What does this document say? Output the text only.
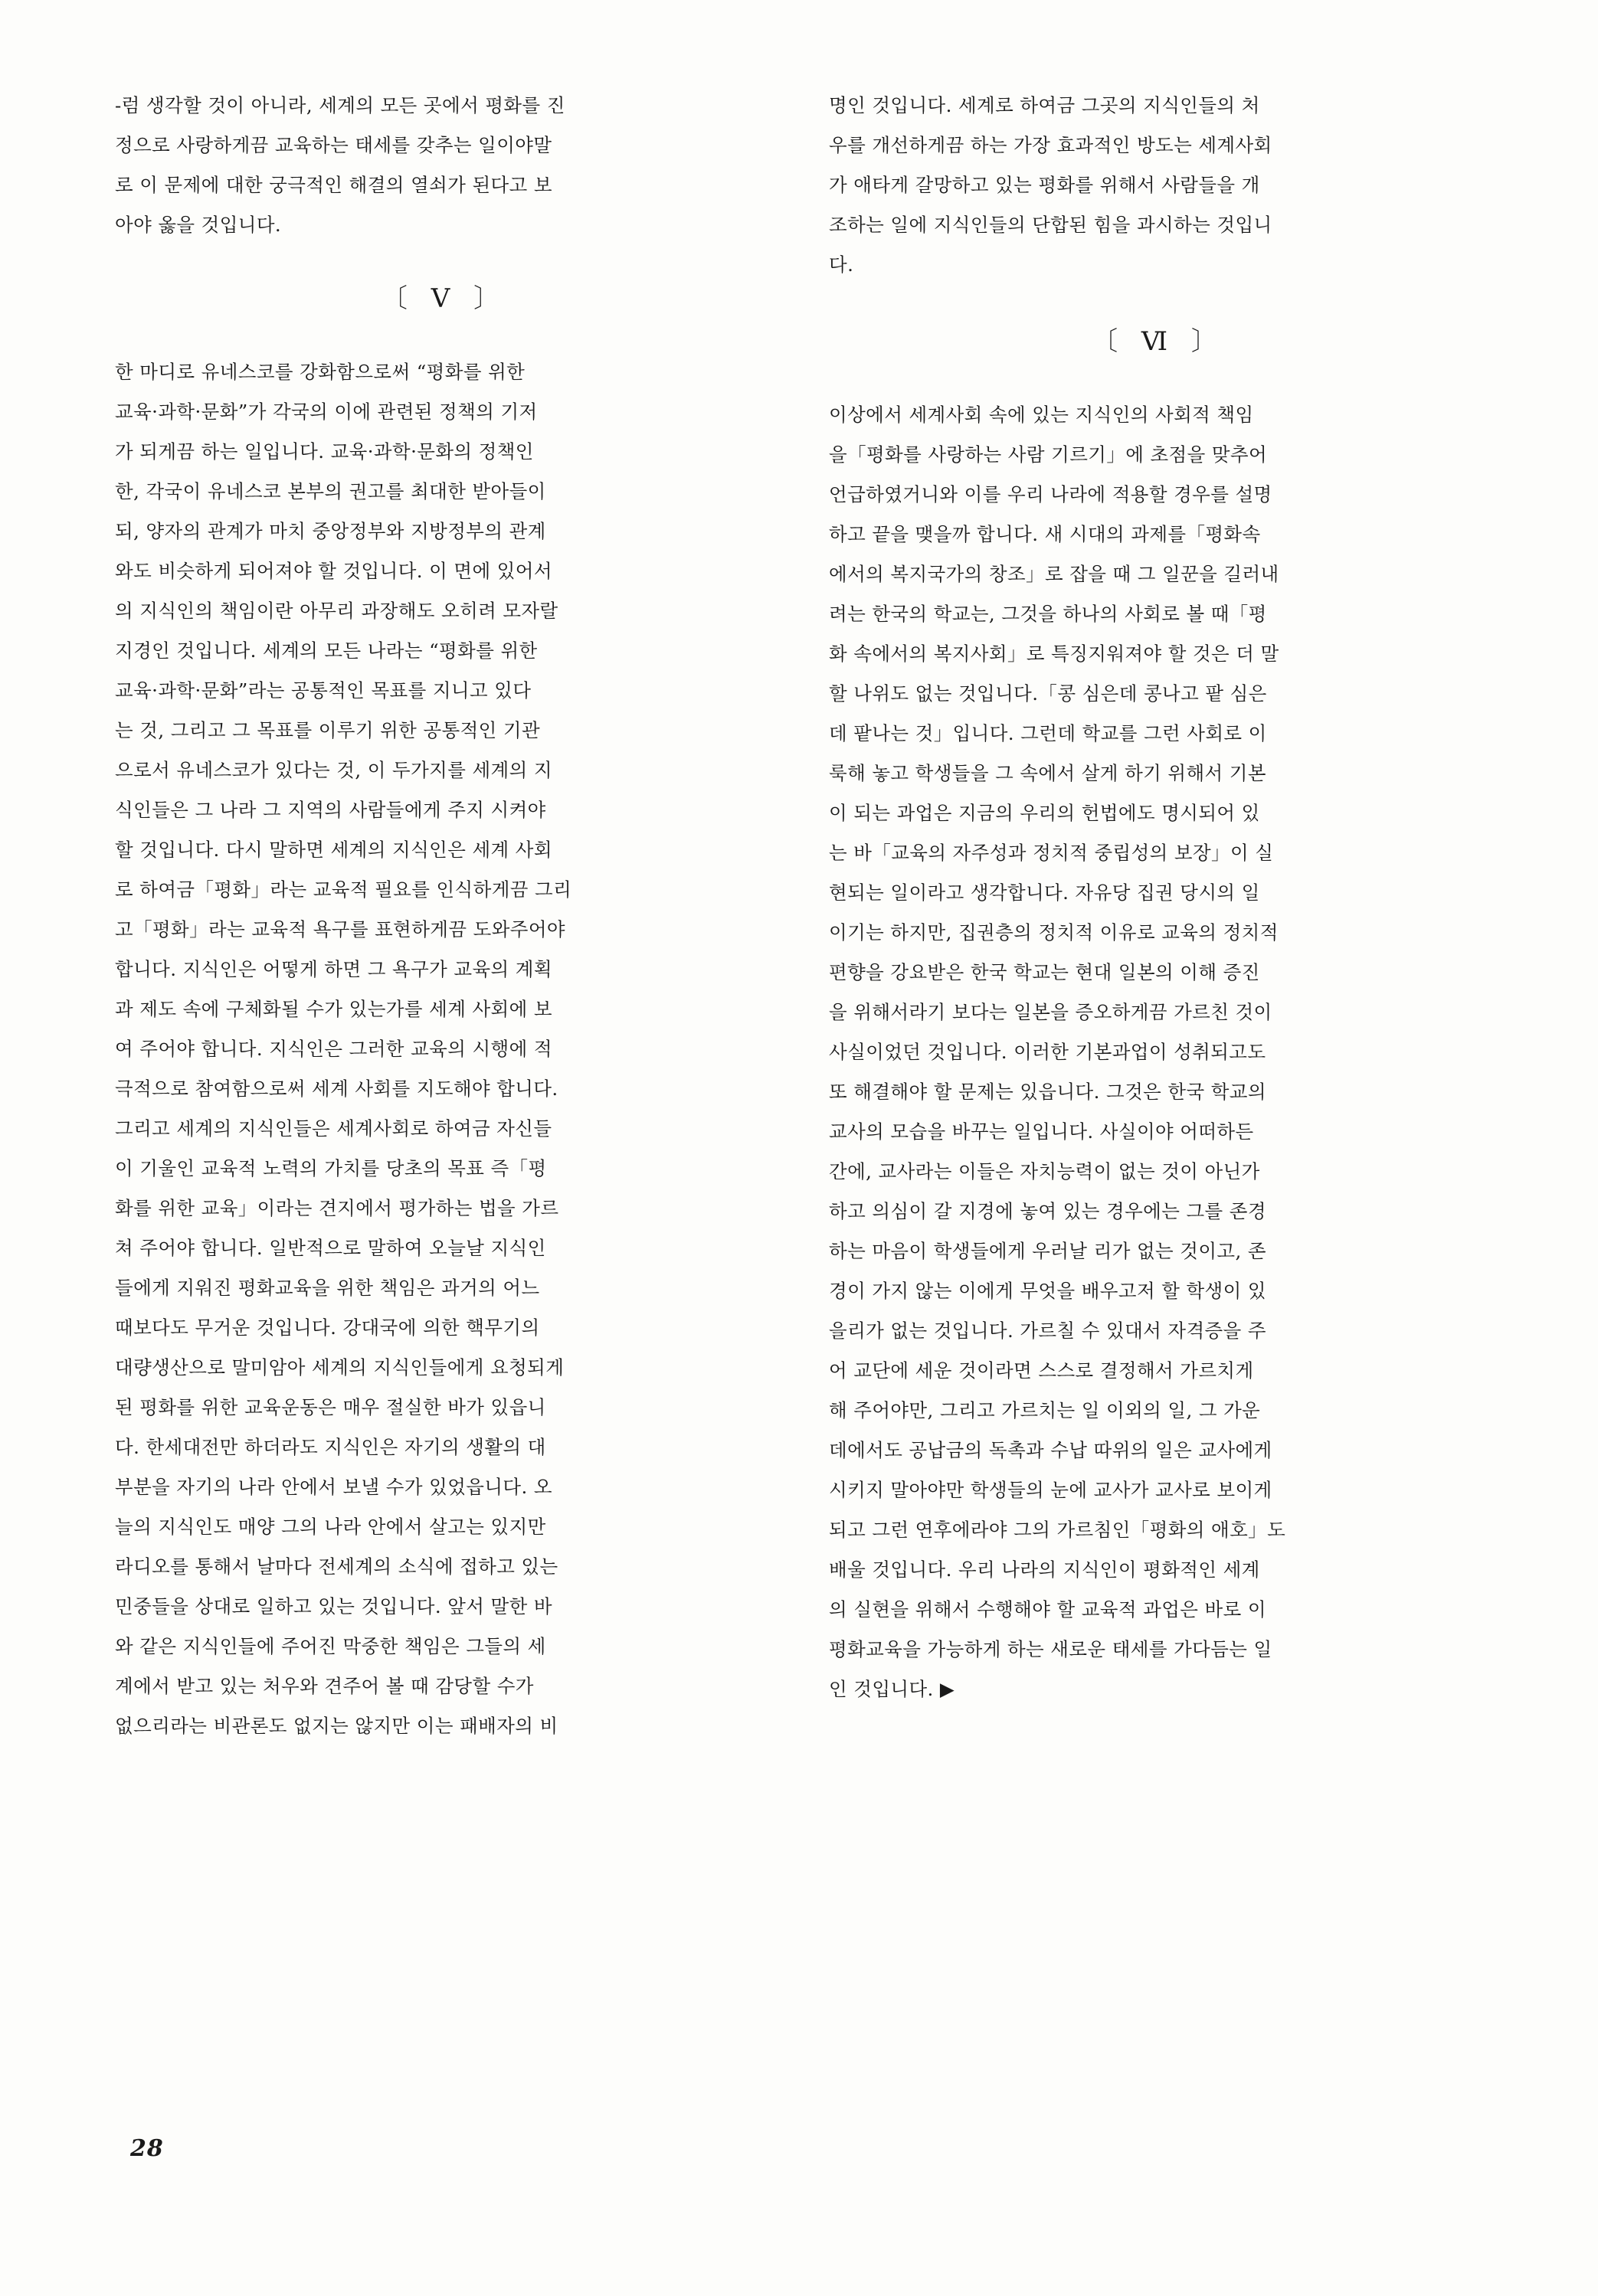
-럼 생각할 것이 아니라, 세계의 모든 곳에서 평화를 진

정으로 사랑하게끔 교육하는 태세를 갖추는 일이야말

로 이 문제에 대한 궁극적인 해결의 열쇠가 된다고 보

아야 옳을 것입니다.

〔 V 〕

한 마디로 유네스코를 강화함으로써 “평화를 위한

교육·과학·문화”가 각국의 이에 관련된 정책의 기저

가 되게끔 하는 일입니다. 교육·과학·문화의 정책인

한, 각국이 유네스코 본부의 권고를 최대한 받아들이

되, 양자의 관계가 마치 중앙정부와 지방정부의 관계

와도 비슷하게 되어져야 할 것입니다. 이 면에 있어서

의 지식인의 책임이란 아무리 과장해도 오히려 모자랄

지경인 것입니다. 세계의 모든 나라는 “평화를 위한

교육·과학·문화”라는 공통적인 목표를 지니고 있다

는 것, 그리고 그 목표를 이루기 위한 공통적인 기관

으로서 유네스코가 있다는 것, 이 두가지를 세계의 지

식인들은 그 나라 그 지역의 사람들에게 주지 시켜야

할 것입니다. 다시 말하면 세계의 지식인은 세계 사회

로 하여금「평화」라는 교육적 필요를 인식하게끔 그리

고「평화」라는 교육적 욕구를 표현하게끔 도와주어야

합니다. 지식인은 어떻게 하면 그 욕구가 교육의 계획

과 제도 속에 구체화될 수가 있는가를 세계 사회에 보

여 주어야 합니다. 지식인은 그러한 교육의 시행에 적

극적으로 참여함으로써 세계 사회를 지도해야 합니다.

그리고 세계의 지식인들은 세계사회로 하여금 자신들

이 기울인 교육적 노력의 가치를 당초의 목표 즉「평

화를 위한 교육」이라는 견지에서 평가하는 법을 가르

쳐 주어야 합니다. 일반적으로 말하여 오늘날 지식인

들에게 지워진 평화교육을 위한 책임은 과거의 어느

때보다도 무거운 것입니다. 강대국에 의한 핵무기의

대량생산으로 말미암아 세계의 지식인들에게 요청되게

된 평화를 위한 교육운동은 매우 절실한 바가 있읍니

다. 한세대전만 하더라도 지식인은 자기의 생활의 대

부분을 자기의 나라 안에서 보낼 수가 있었읍니다. 오

늘의 지식인도 매양 그의 나라 안에서 살고는 있지만

라디오를 통해서 날마다 전세계의 소식에 접하고 있는

민중들을 상대로 일하고 있는 것입니다. 앞서 말한 바

와 같은 지식인들에 주어진 막중한 책임은 그들의 세

계에서 받고 있는 처우와 견주어 볼 때 감당할 수가

없으리라는 비관론도 없지는 않지만 이는 패배자의 비

명인 것입니다. 세계로 하여금 그곳의 지식인들의 처

우를 개선하게끔 하는 가장 효과적인 방도는 세계사회

가 애타게 갈망하고 있는 평화를 위해서 사람들을 개

조하는 일에 지식인들의 단합된 힘을 과시하는 것입니

다.

〔 Ⅵ 〕

이상에서 세계사회 속에 있는 지식인의 사회적 책임

을「평화를 사랑하는 사람 기르기」에 초점을 맞추어

언급하였거니와 이를 우리 나라에 적용할 경우를 설명

하고 끝을 맺을까 합니다. 새 시대의 과제를「평화속

에서의 복지국가의 창조」로 잡을 때 그 일꾼을 길러내

려는 한국의 학교는, 그것을 하나의 사회로 볼 때「평

화 속에서의 복지사회」로 특징지워져야 할 것은 더 말

할 나위도 없는 것입니다.「콩 심은데 콩나고 팥 심은

데 팥나는 것」입니다. 그런데 학교를 그런 사회로 이

룩해 놓고 학생들을 그 속에서 살게 하기 위해서 기본

이 되는 과업은 지금의 우리의 헌법에도 명시되어 있

는 바「교육의 자주성과 정치적 중립성의 보장」이 실

현되는 일이라고 생각합니다. 자유당 집권 당시의 일

이기는 하지만, 집권층의 정치적 이유로 교육의 정치적

편향을 강요받은 한국 학교는 현대 일본의 이해 증진

을 위해서라기 보다는 일본을 증오하게끔 가르친 것이

사실이었던 것입니다. 이러한 기본과업이 성취되고도

또 해결해야 할 문제는 있읍니다. 그것은 한국 학교의

교사의 모습을 바꾸는 일입니다. 사실이야 어떠하든

간에, 교사라는 이들은 자치능력이 없는 것이 아닌가

하고 의심이 갈 지경에 놓여 있는 경우에는 그를 존경

하는 마음이 학생들에게 우러날 리가 없는 것이고, 존

경이 가지 않는 이에게 무엇을 배우고저 할 학생이 있

을리가 없는 것입니다. 가르칠 수 있대서 자격증을 주

어 교단에 세운 것이라면 스스로 결정해서 가르치게

해 주어야만, 그리고 가르치는 일 이외의 일, 그 가운

데에서도 공납금의 독촉과 수납 따위의 일은 교사에게

시키지 말아야만 학생들의 눈에 교사가 교사로 보이게

되고 그런 연후에라야 그의 가르침인「평화의 애호」도

배울 것입니다. 우리 나라의 지식인이 평화적인 세계

의 실현을 위해서 수행해야 할 교육적 과업은 바로 이

평화교육을 가능하게 하는 새로운 태세를 가다듬는 일

인 것입니다. ▶

28
